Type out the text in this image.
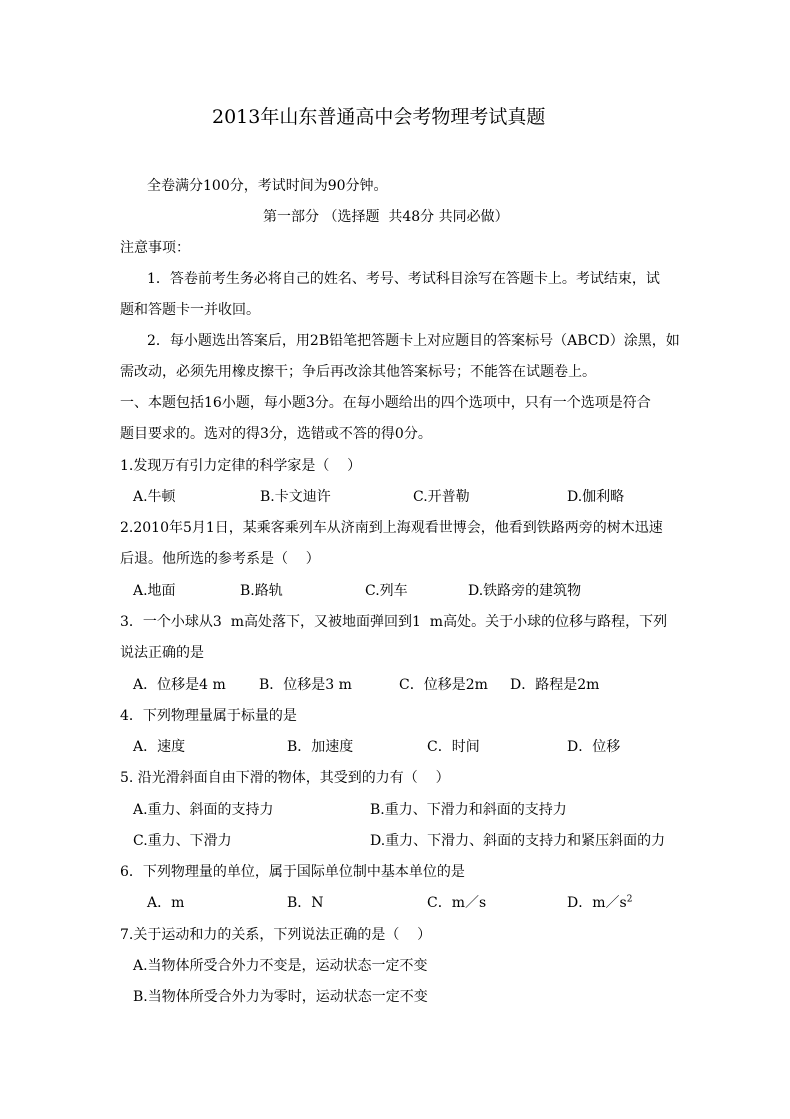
2013年山东普通高中会考物理考试真题
全卷满分100分，考试时间为90分钟。
第一部分 （选择题  共48分 共同必做）
注意事项：
1．答卷前考生务必将自己的姓名、考号、考试科目涂写在答题卡上。考试结束，试
题和答题卡一并收回。
2．每小题选出答案后，用2B铅笔把答题卡上对应题目的答案标号（ABCD）涂黑，如
需改动，必须先用橡皮擦干；争后再改涂其他答案标号；不能答在试题卷上。
一、本题包括16小题，每小题3分。在每小题给出的四个选项中，只有一个选项是符合
题目要求的。选对的得3分，选错或不答的得0分。
1.发现万有引力定律的科学家是（    ）
A.牛顿	B.卡文迪许	C.开普勒	D.伽利略
2.2010年5月1日，某乘客乘列车从济南到上海观看世博会，他看到铁路两旁的树木迅速
后退。他所选的参考系是（    ）
A.地面	B.路轨	C.列车	D.铁路旁的建筑物
3．一个小球从3  m高处落下，又被地面弹回到1  m高处。关于小球的位移与路程，下列
说法正确的是
A．位移是4 m B．位移是3 m	C．位移是2m D．路程是2m
4．下列物理量属于标量的是
A．速度	B．加速度	C．时间	D．位移
5. 沿光滑斜面自由下滑的物体，其受到的力有（    ）
A.重力、斜面的支持力	B.重力、下滑力和斜面的支持力
C.重力、下滑力	D.重力、下滑力、斜面的支持力和紧压斜面的力
6．下列物理量的单位，属于国际单位制中基本单位的是
A．m	B．N	C．m／s	D．$m/s^2$
7.关于运动和力的关系，下列说法正确的是（    ）
A.当物体所受合外力不变是，运动状态一定不变
B.当物体所受合外力为零时，运动状态一定不变
